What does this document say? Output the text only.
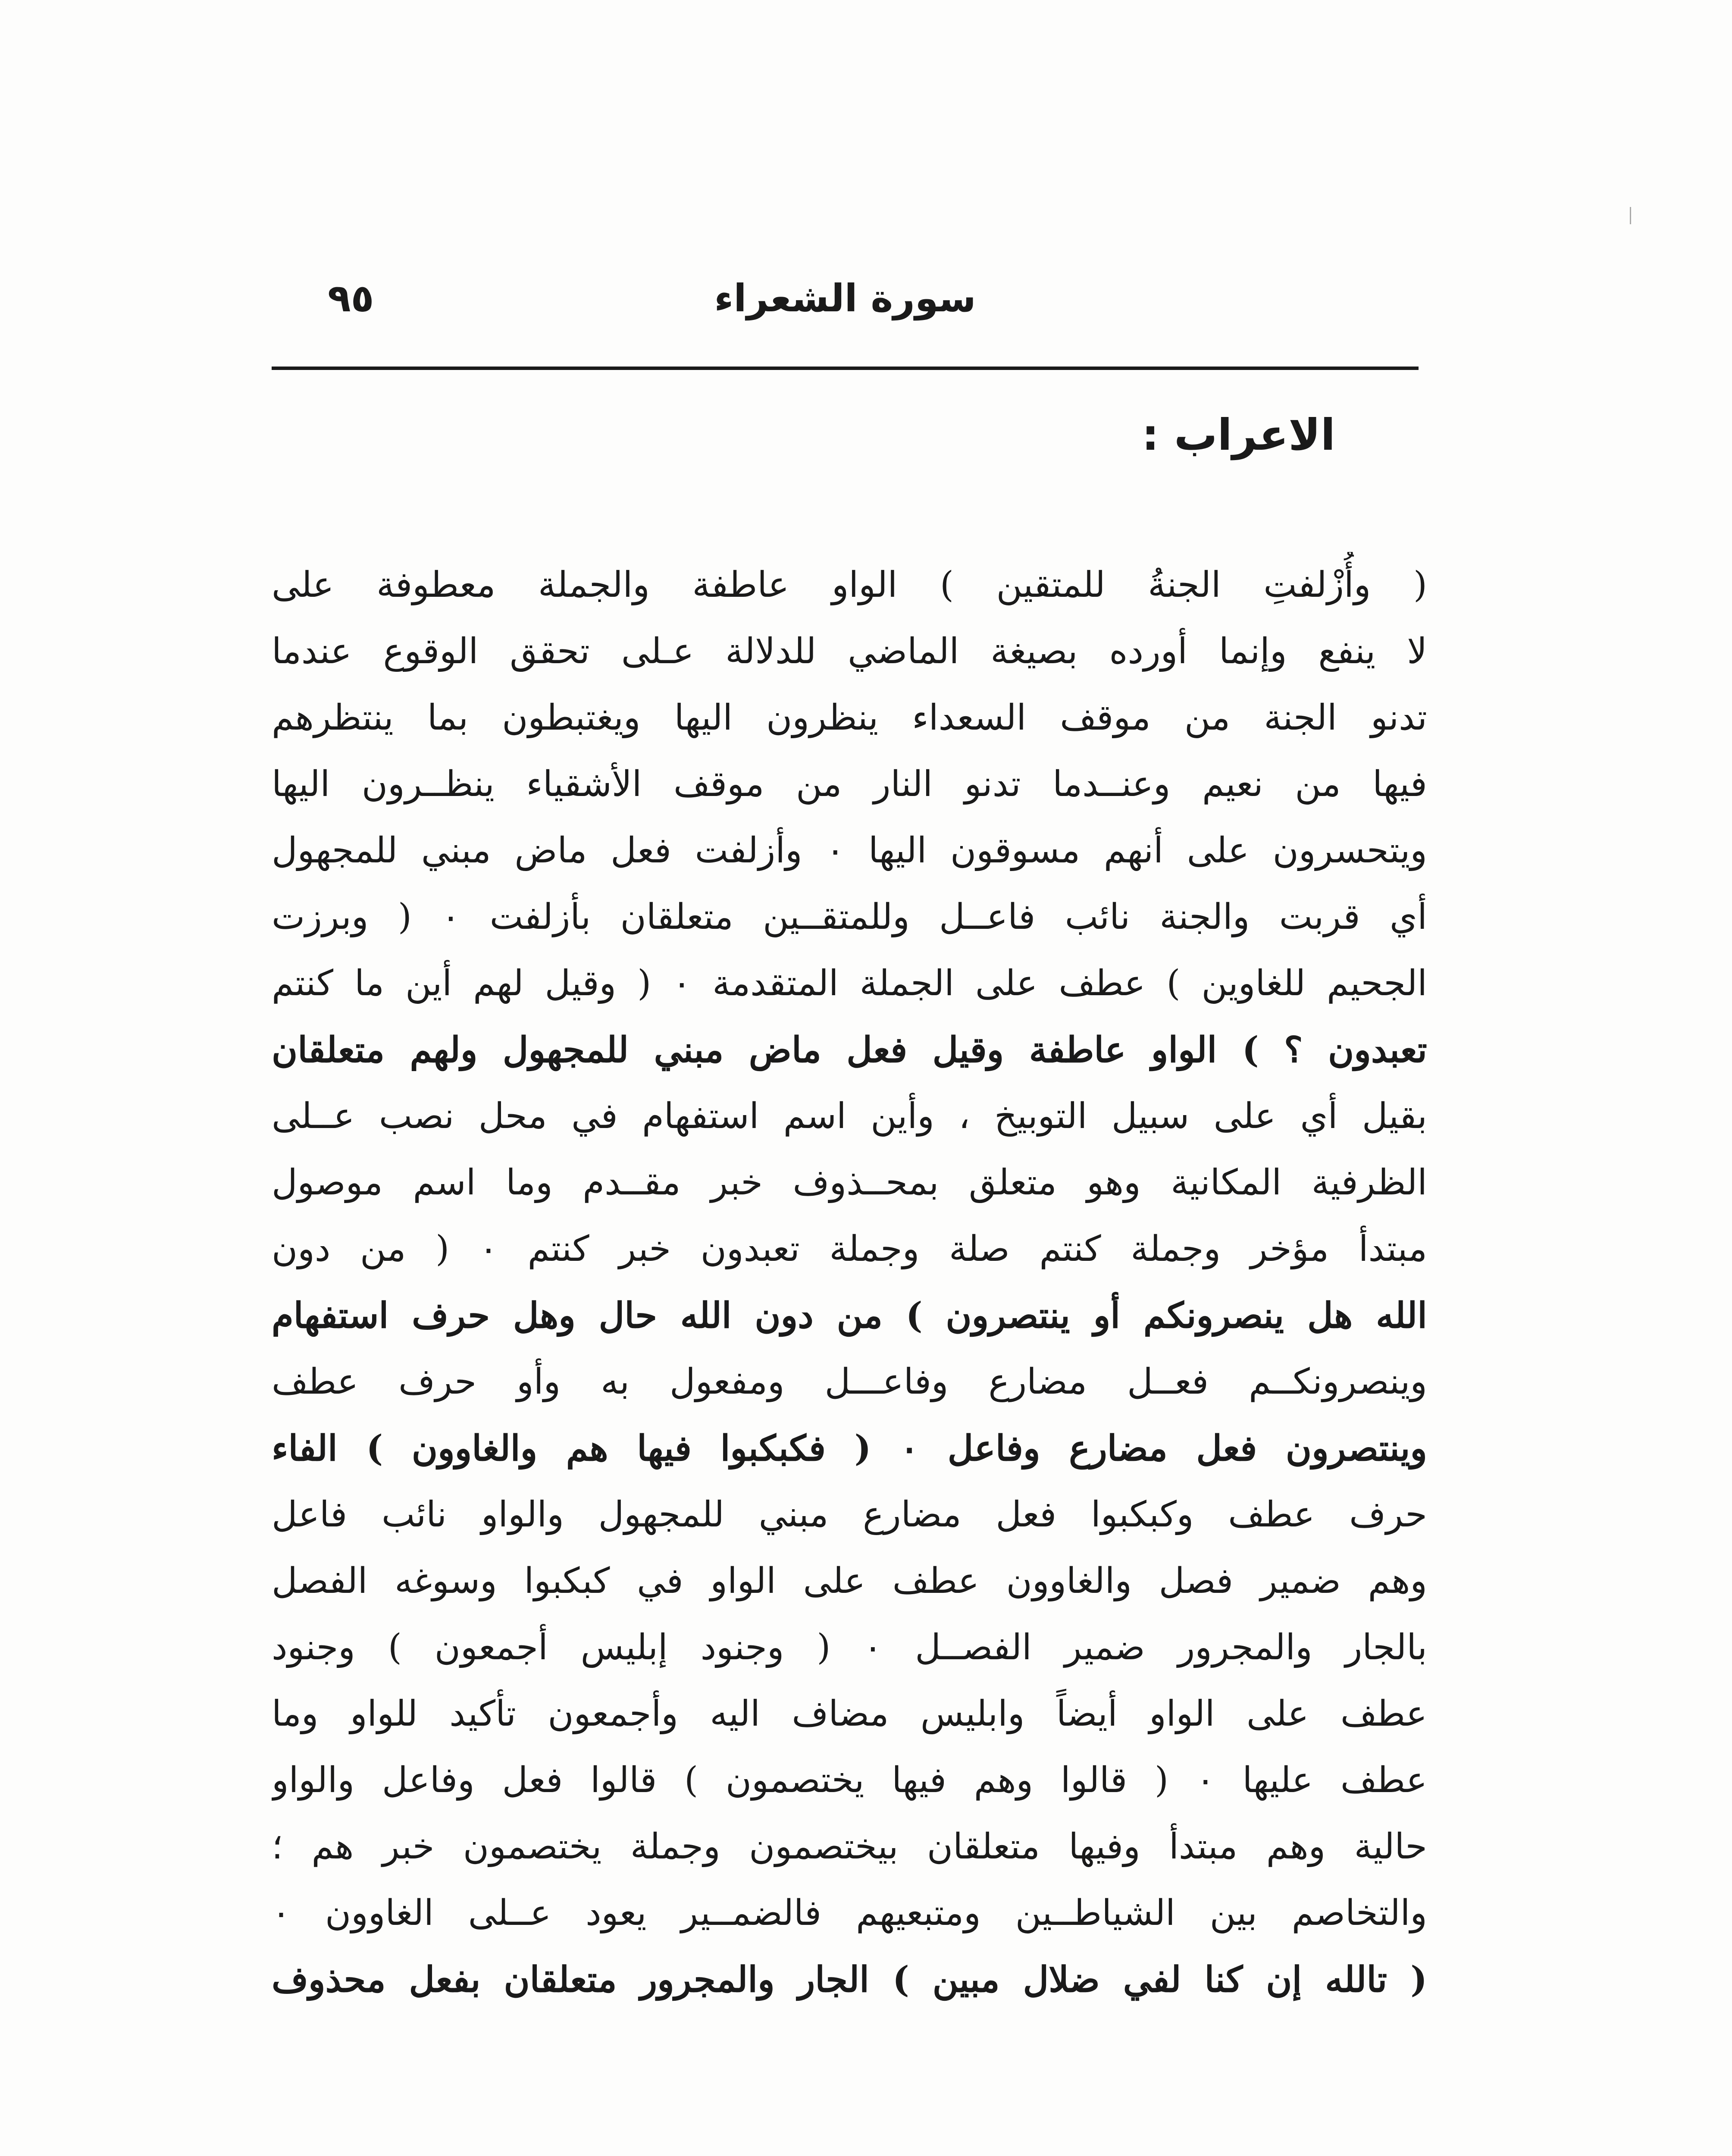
سورة الشعراء
٩٥
الاعراب :
( وأُزْلفتِ الجنةُ للمتقين ) الواو عاطفة والجملة معطوفة على
لا ينفع وإنما أورده بصيغة الماضي للدلالة عـلى تحقق الوقوع عندما
تدنو الجنة من موقف السعداء ينظرون اليها ويغتبطون بما ينتظرهم
فيها من نعيم وعنــدما تدنو النار من موقف الأشقياء ينظــرون اليها
ويتحسرون على أنهم مسوقون اليها ٠ وأزلفت فعل ماض مبني للمجهول
أي قربت والجنة نائب فاعــل وللمتقــين متعلقان بأزلفت ٠ ( وبرزت
الجحيم للغاوين ) عطف على الجملة المتقدمة ٠ ( وقيل لهم أين ما كنتم
تعبدون ؟ ) الواو عاطفة وقيل فعل ماض مبني للمجهول ولهم متعلقان
بقيل أي على سبيل التوبيخ ، وأين اسم استفهام في محل نصب عــلى
الظرفية المكانية وهو متعلق بمحــذوف خبر مقــدم وما اسم موصول
مبتدأ مؤخر وجملة كنتم صلة وجملة تعبدون خبر كنتم ٠ ( من دون
الله هل ينصرونكم أو ينتصرون ) من دون الله حال وهل حرف استفهام
وينصرونكــم فعــل مضارع وفاعـــل ومفعول به وأو حرف عطف
وينتصرون فعل مضارع وفاعل ٠ ( فكبكبوا فيها هم والغاوون ) الفاء
حرف عطف وكبكبوا فعل مضارع مبني للمجهول والواو نائب فاعل
وهم ضمير فصل والغاوون عطف على الواو في كبكبوا وسوغه الفصل
بالجار والمجرور ضمير الفصــل ٠ ( وجنود إبليس أجمعون ) وجنود
عطف على الواو أيضاً وابليس مضاف اليه وأجمعون تأكيد للواو وما
عطف عليها ٠ ( قالوا وهم فيها يختصمون ) قالوا فعل وفاعل والواو
حالية وهم مبتدأ وفيها متعلقان بيختصمون وجملة يختصمون خبر هم ؛
والتخاصم بين الشياطــين ومتبعيهم فالضمــير يعود عــلى الغاوون ٠
( تالله إن كنا لفي ضلال مبين ) الجار والمجرور متعلقان بفعل محذوف
